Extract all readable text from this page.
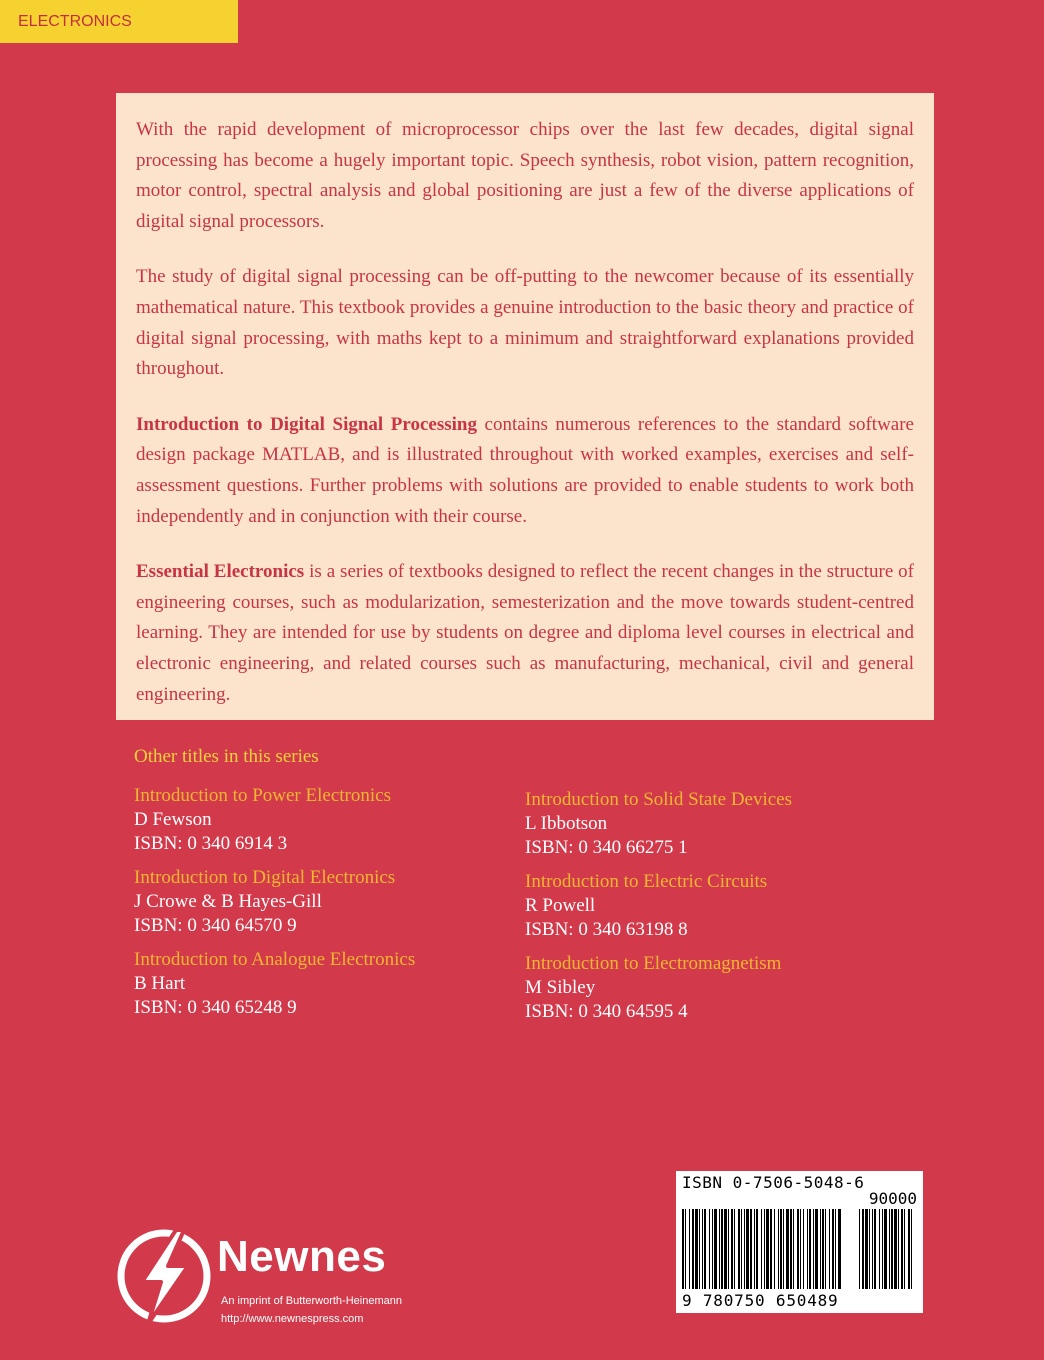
ELECTRONICS

With the rapid development of microprocessor chips over the last few decades, digital signal processing has become a hugely important topic. Speech synthesis, robot vision, pattern recognition, motor control, spectral analysis and global positioning are just a few of the diverse applications of digital signal processors.

The study of digital signal processing can be off-putting to the newcomer because of its essentially mathematical nature. This textbook provides a genuine introduction to the basic theory and practice of digital signal processing, with maths kept to a minimum and straightforward explanations provided throughout.

Introduction to Digital Signal Processing contains numerous references to the standard software design package MATLAB, and is illustrated throughout with worked examples, exercises and self-assessment questions. Further problems with solutions are provided to enable students to work both independently and in conjunction with their course.

Essential Electronics is a series of textbooks designed to reflect the recent changes in the structure of engineering courses, such as modularization, semesterization and the move towards student-centred learning. They are intended for use by students on degree and diploma level courses in electrical and electronic engineering, and related courses such as manufacturing, mechanical, civil and general engineering.

Other titles in this series
Introduction to Power Electronics
D Fewson
ISBN: 0 340 6914 3
Introduction to Digital Electronics
J Crowe & B Hayes-Gill
ISBN: 0 340 64570 9
Introduction to Analogue Electronics
B Hart
ISBN: 0 340 65248 9
Introduction to Solid State Devices
L Ibbotson
ISBN: 0 340 66275 1
Introduction to Electric Circuits
R Powell
ISBN: 0 340 63198 8
Introduction to Electromagnetism
M Sibley
ISBN: 0 340 64595 4
Newnes
An imprint of Butterworth-Heinemann
http://www.newnespress.com
ISBN 0-7506-5048-6
90000
9 780750 650489
